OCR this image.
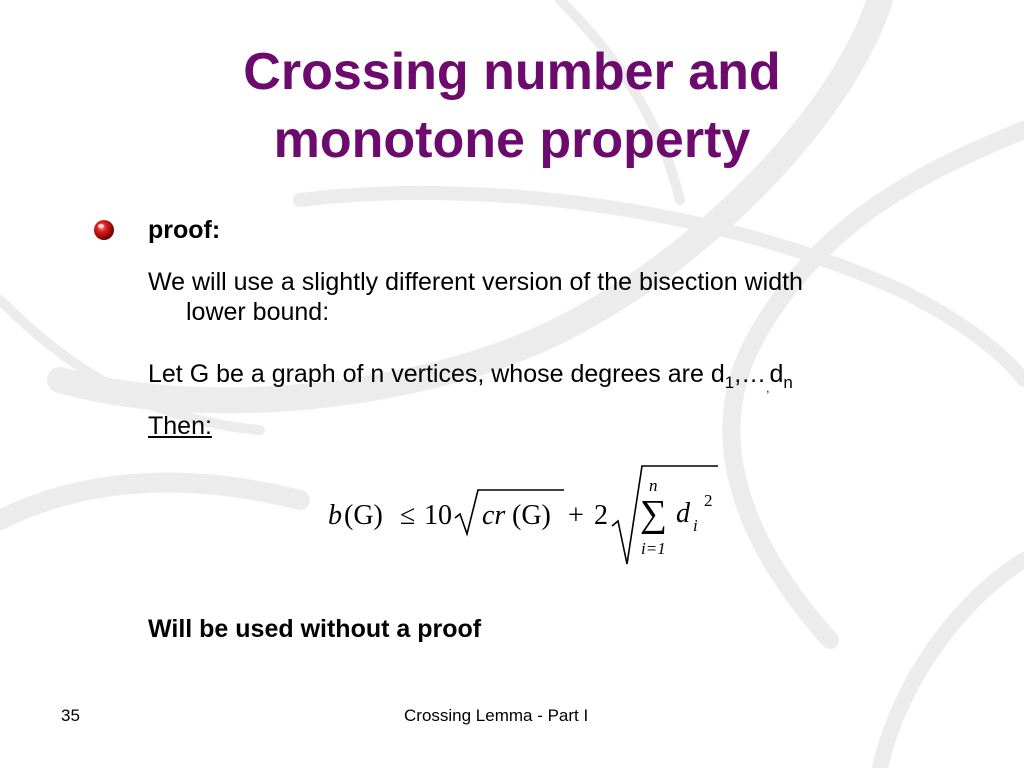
Crossing number and
monotone property
proof:
We will use a slightly different version of the bisection width
lower bound:
Let G be a graph of n vertices, whose degrees are $d_1,\dots_,d_n$
Then:
b (G) ≤ 10 cr (G) + 2
n
∑
i=1
d i
2
Will be used without a proof
35	Crossing Lemma - Part I
